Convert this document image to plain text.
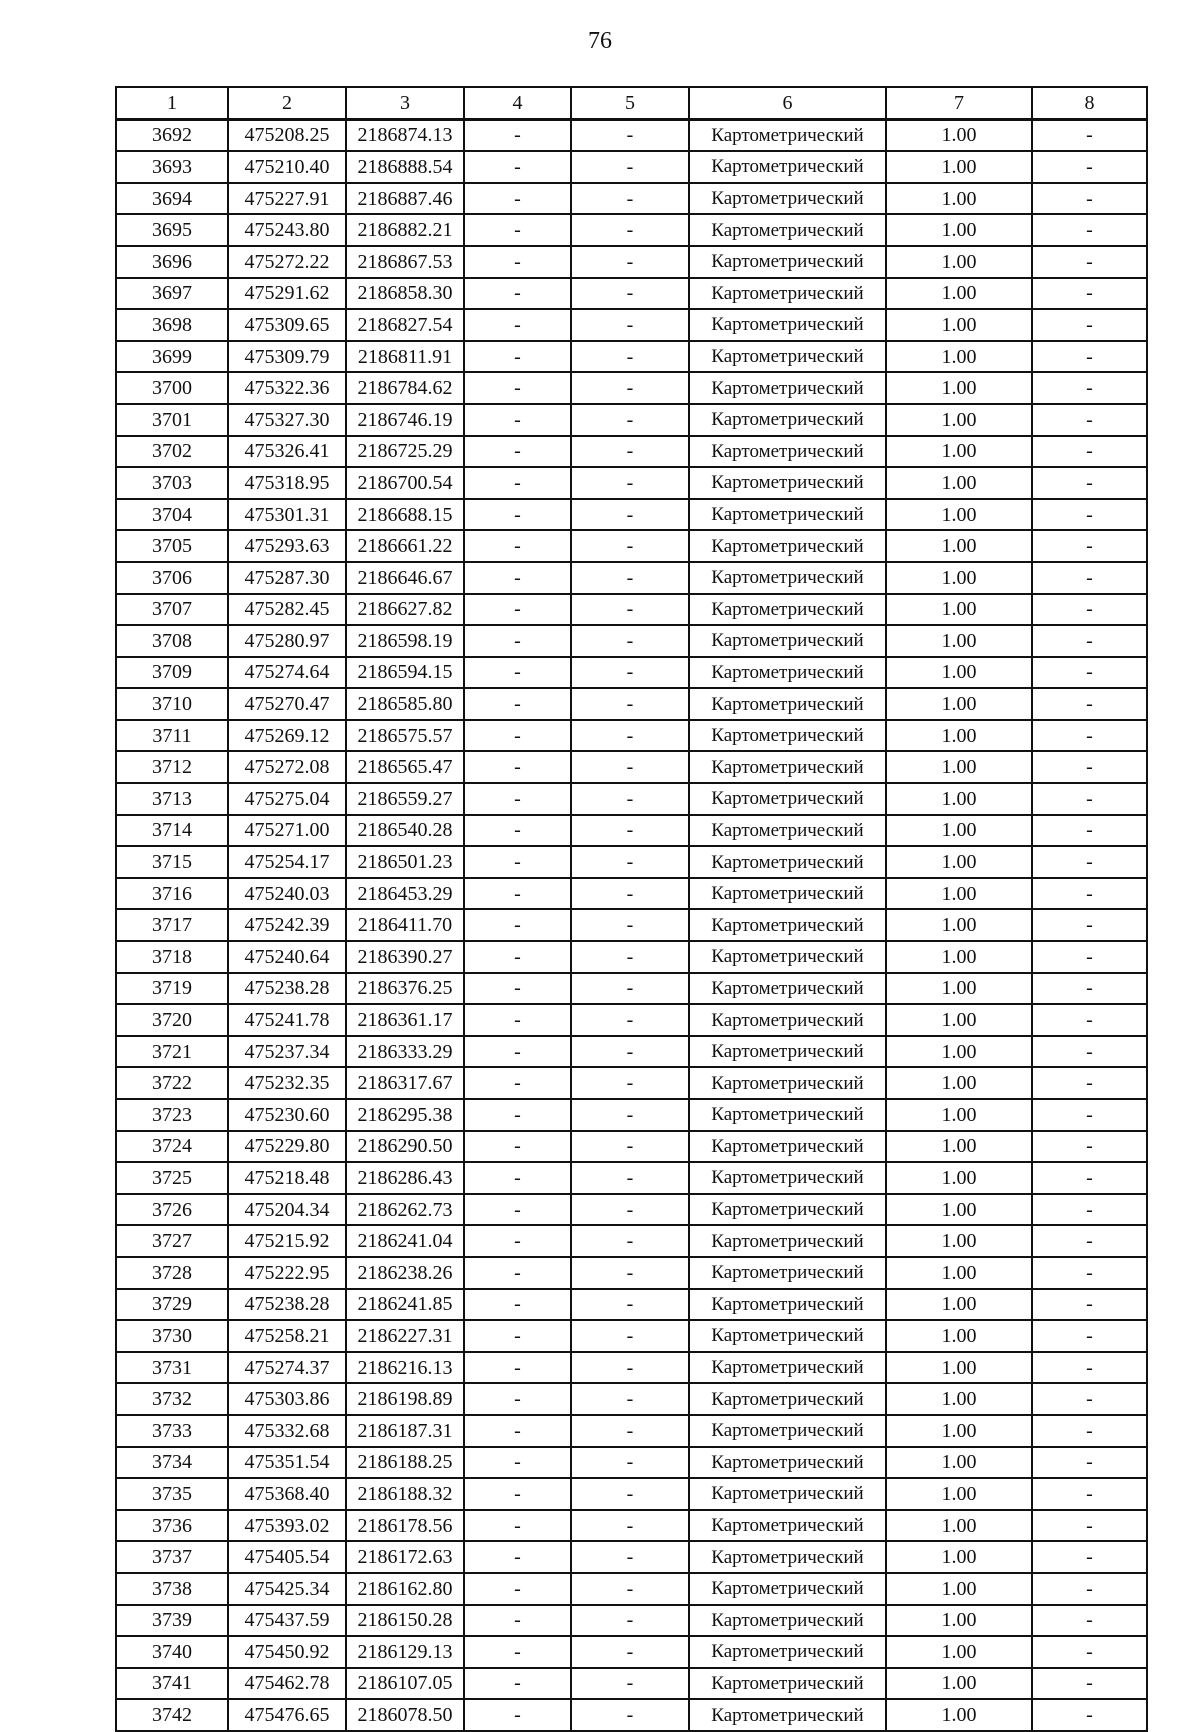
76
1	2	3	4	5	6	7	8
3692	475208.25	2186874.13	-	-	Картометрический	1.00	-
3693	475210.40	2186888.54	-	-	Картометрический	1.00	-
3694	475227.91	2186887.46	-	-	Картометрический	1.00	-
3695	475243.80	2186882.21	-	-	Картометрический	1.00	-
3696	475272.22	2186867.53	-	-	Картометрический	1.00	-
3697	475291.62	2186858.30	-	-	Картометрический	1.00	-
3698	475309.65	2186827.54	-	-	Картометрический	1.00	-
3699	475309.79	2186811.91	-	-	Картометрический	1.00	-
3700	475322.36	2186784.62	-	-	Картометрический	1.00	-
3701	475327.30	2186746.19	-	-	Картометрический	1.00	-
3702	475326.41	2186725.29	-	-	Картометрический	1.00	-
3703	475318.95	2186700.54	-	-	Картометрический	1.00	-
3704	475301.31	2186688.15	-	-	Картометрический	1.00	-
3705	475293.63	2186661.22	-	-	Картометрический	1.00	-
3706	475287.30	2186646.67	-	-	Картометрический	1.00	-
3707	475282.45	2186627.82	-	-	Картометрический	1.00	-
3708	475280.97	2186598.19	-	-	Картометрический	1.00	-
3709	475274.64	2186594.15	-	-	Картометрический	1.00	-
3710	475270.47	2186585.80	-	-	Картометрический	1.00	-
3711	475269.12	2186575.57	-	-	Картометрический	1.00	-
3712	475272.08	2186565.47	-	-	Картометрический	1.00	-
3713	475275.04	2186559.27	-	-	Картометрический	1.00	-
3714	475271.00	2186540.28	-	-	Картометрический	1.00	-
3715	475254.17	2186501.23	-	-	Картометрический	1.00	-
3716	475240.03	2186453.29	-	-	Картометрический	1.00	-
3717	475242.39	2186411.70	-	-	Картометрический	1.00	-
3718	475240.64	2186390.27	-	-	Картометрический	1.00	-
3719	475238.28	2186376.25	-	-	Картометрический	1.00	-
3720	475241.78	2186361.17	-	-	Картометрический	1.00	-
3721	475237.34	2186333.29	-	-	Картометрический	1.00	-
3722	475232.35	2186317.67	-	-	Картометрический	1.00	-
3723	475230.60	2186295.38	-	-	Картометрический	1.00	-
3724	475229.80	2186290.50	-	-	Картометрический	1.00	-
3725	475218.48	2186286.43	-	-	Картометрический	1.00	-
3726	475204.34	2186262.73	-	-	Картометрический	1.00	-
3727	475215.92	2186241.04	-	-	Картометрический	1.00	-
3728	475222.95	2186238.26	-	-	Картометрический	1.00	-
3729	475238.28	2186241.85	-	-	Картометрический	1.00	-
3730	475258.21	2186227.31	-	-	Картометрический	1.00	-
3731	475274.37	2186216.13	-	-	Картометрический	1.00	-
3732	475303.86	2186198.89	-	-	Картометрический	1.00	-
3733	475332.68	2186187.31	-	-	Картометрический	1.00	-
3734	475351.54	2186188.25	-	-	Картометрический	1.00	-
3735	475368.40	2186188.32	-	-	Картометрический	1.00	-
3736	475393.02	2186178.56	-	-	Картометрический	1.00	-
3737	475405.54	2186172.63	-	-	Картометрический	1.00	-
3738	475425.34	2186162.80	-	-	Картометрический	1.00	-
3739	475437.59	2186150.28	-	-	Картометрический	1.00	-
3740	475450.92	2186129.13	-	-	Картометрический	1.00	-
3741	475462.78	2186107.05	-	-	Картометрический	1.00	-
3742	475476.65	2186078.50	-	-	Картометрический	1.00	-
